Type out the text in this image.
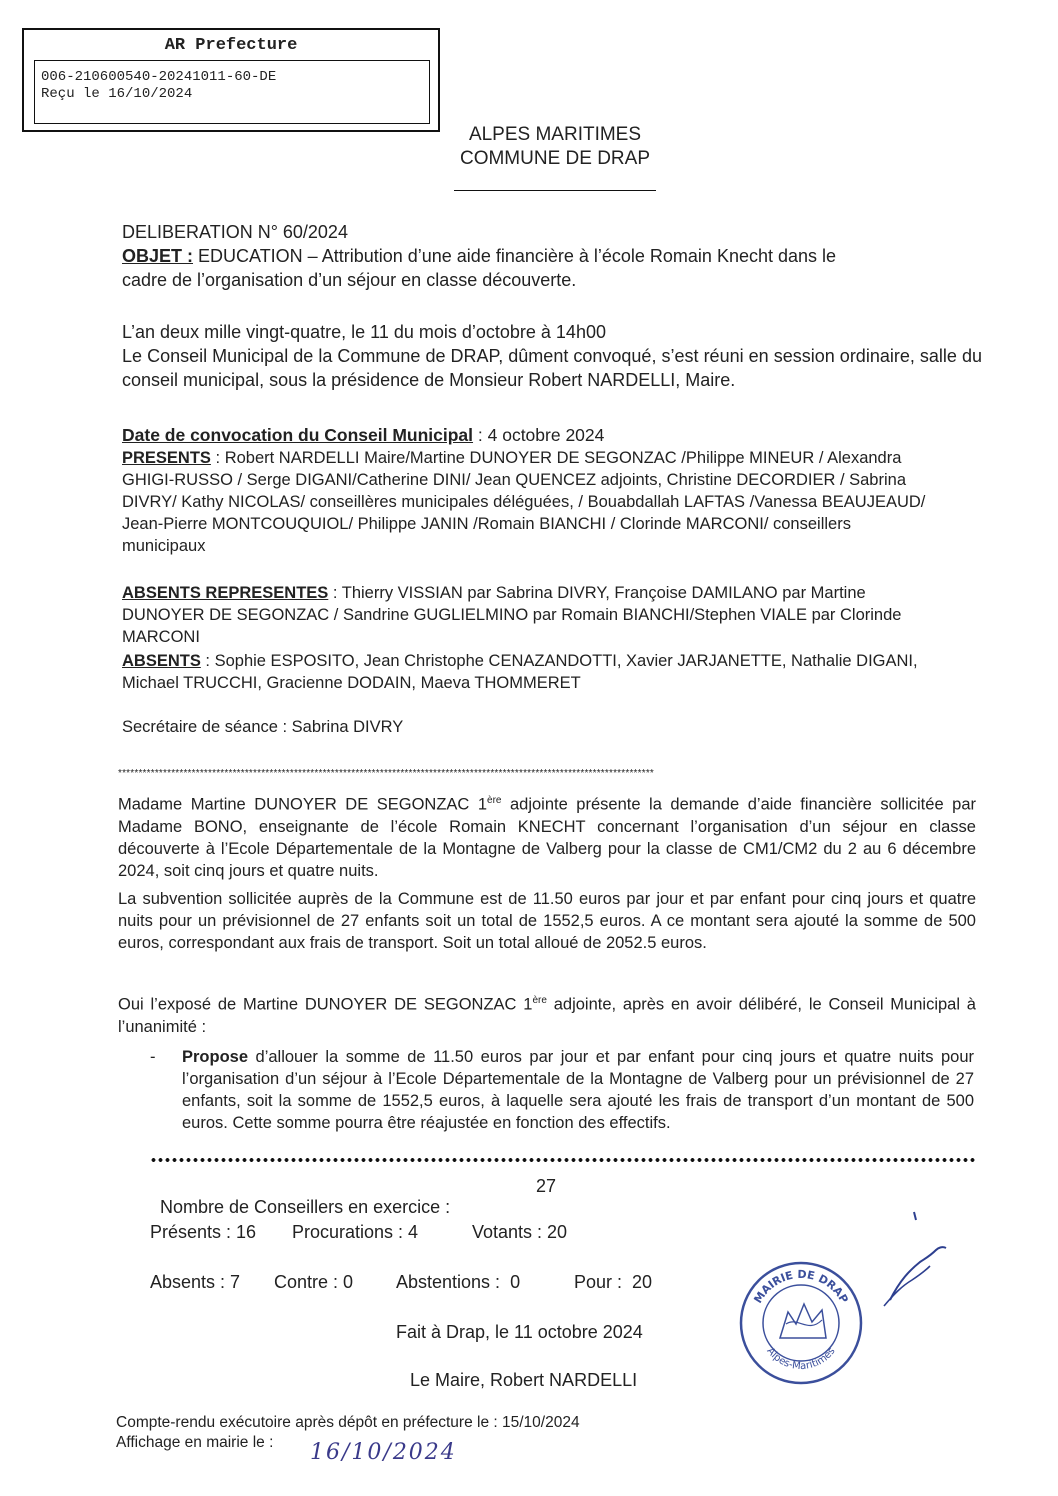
AR Prefecture
006-210600540-20241011-60-DE
Reçu le 16/10/2024
ALPES MARITIMES
COMMUNE DE DRAP
DELIBERATION N° 60/2024
OBJET : EDUCATION – Attribution d’une aide financière à l’école Romain Knecht dans le
cadre de l’organisation d’un séjour en classe découverte.
L’an deux mille vingt-quatre, le 11 du mois d’octobre à 14h00
Le Conseil Municipal de la Commune de DRAP, dûment convoqué, s’est réuni en session ordinaire, salle du conseil municipal, sous la présidence de Monsieur Robert NARDELLI, Maire.
Date de convocation du Conseil Municipal : 4 octobre 2024
PRESENTS : Robert NARDELLI Maire/Martine DUNOYER DE SEGONZAC /Philippe MINEUR / Alexandra GHIGI-RUSSO / Serge DIGANI/Catherine DINI/ Jean QUENCEZ adjoints, Christine DECORDIER / Sabrina DIVRY/ Kathy NICOLAS/ conseillères municipales déléguées, / Bouabdallah LAFTAS /Vanessa BEAUJEAUD/ Jean-Pierre MONTCOUQUIOL/ Philippe JANIN /Romain BIANCHI / Clorinde MARCONI/ conseillers municipaux
ABSENTS REPRESENTES : Thierry VISSIAN par Sabrina DIVRY, Françoise DAMILANO par Martine DUNOYER DE SEGONZAC / Sandrine GUGLIELMINO par Romain BIANCHI/Stephen VIALE par Clorinde MARCONI
ABSENTS : Sophie ESPOSITO, Jean Christophe CENAZANDOTTI, Xavier JARJANETTE, Nathalie DIGANI, Michael TRUCCHI, Gracienne DODAIN, Maeva THOMMERET
Secrétaire de séance : Sabrina DIVRY
***********************************************************************************************************************************
Madame Martine DUNOYER DE SEGONZAC 1ère adjointe présente la demande d’aide financière sollicitée par Madame BONO, enseignante de l’école Romain KNECHT concernant l’organisation d’un séjour en classe découverte à l’Ecole Départementale de la Montagne de Valberg pour la classe de CM1/CM2 du 2 au 6 décembre 2024, soit cinq jours et quatre nuits.
La subvention sollicitée auprès de la Commune est de 11.50 euros par jour et par enfant pour cinq jours et quatre nuits pour un prévisionnel de 27 enfants soit un total de 1552,5 euros. A ce montant sera ajouté la somme de 500 euros, correspondant aux frais de transport. Soit un total alloué de 2052.5 euros.
Oui l’exposé de Martine DUNOYER DE SEGONZAC 1ère adjointe, après en avoir délibéré, le Conseil Municipal à l’unanimité :
- Propose d’allouer la somme de 11.50 euros par jour et par enfant pour cinq jours et quatre nuits pour l’organisation d’un séjour à l’Ecole Départementale de la Montagne de Valberg pour un prévisionnel de 27 enfants, soit la somme de 1552,5 euros, à laquelle sera ajouté les frais de transport d’un montant de 500 euros. Cette somme pourra être réajustée en fonction des effectifs.

Nombre de Conseillers en exercice :

27
Présents : 16 Procurations : 4	Votants : 20
Absents : 7 Contre : 0 Abstentions :  0	Pour :  20
Fait à Drap, le 11 octobre 2024
Le Maire, Robert NARDELLI
MAIRIE DE DRAP
Alpes-Maritimes
Compte-rendu exécutoire après dépôt en préfecture le : 15/10/2024
Affichage en mairie le : 16/10/2024
